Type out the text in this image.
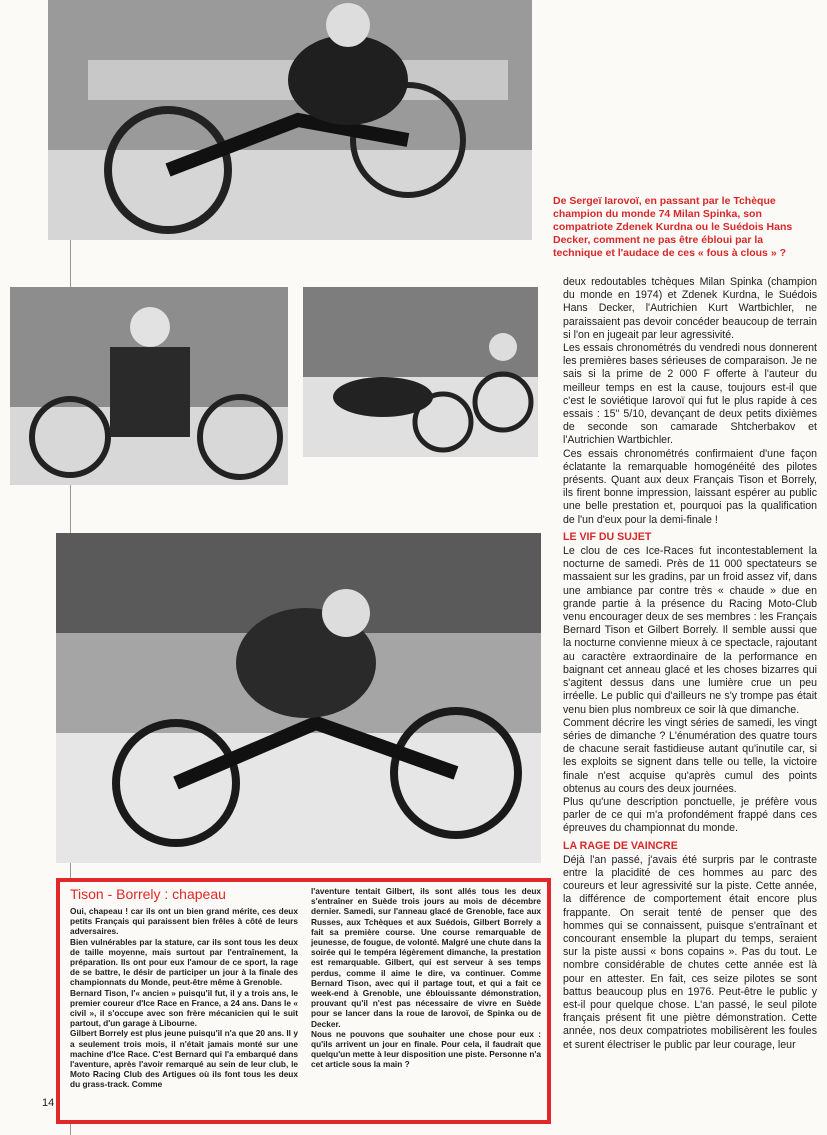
De Sergeï Iarovoï, en passant par le Tchèque champion du monde 74 Milan Spinka, son compatriote Zdenek Kurdna ou le Suédois Hans Decker, comment ne pas être ébloui par la technique et l'audace de ces « fous à clous » ?

deux redoutables tchèques Milan Spinka (champion du monde en 1974) et Zdenek Kurdna, le Suédois Hans Decker, l'Autrichien Kurt Wartbichler, ne paraissaient pas devoir concéder beaucoup de terrain si l'on en jugeait par leur agressivité.

Les essais chronométrés du vendredi nous donnerent les premières bases sérieuses de comparaison. Je ne sais si la prime de 2 000 F offerte à l'auteur du meilleur temps en est la cause, toujours est-il que c'est le soviétique Iarovoï qui fut le plus rapide à ces essais : 15'' 5/10, devançant de deux petits dixièmes de seconde son camarade Shtcherbakov et l'Autrichien Wartbichler.

Ces essais chronométrés confirmaient d'une façon éclatante la remarquable homogénéité des pilotes présents. Quant aux deux Français Tison et Borrely, ils firent bonne impression, laissant espérer au public une belle prestation et, pourquoi pas la qualification de l'un d'eux pour la demi-finale !

LE VIF DU SUJET

Le clou de ces Ice-Races fut incontestablement la nocturne de samedi. Près de 11 000 spectateurs se massaient sur les gradins, par un froid assez vif, dans une ambiance par contre très « chaude » due en grande partie à la présence du Racing Moto-Club venu encourager deux de ses membres : les Français Bernard Tison et Gilbert Borrely. Il semble aussi que la nocturne convienne mieux à ce spectacle, rajoutant au caractère extraordinaire de la performance en baignant cet anneau glacé et les choses bizarres qui s'agitent dessus dans une lumière crue un peu irréelle. Le public qui d'ailleurs ne s'y trompe pas était venu bien plus nombreux ce soir là que dimanche.

Comment décrire les vingt séries de samedi, les vingt séries de dimanche ? L'énumération des quatre tours de chacune serait fastidieuse autant qu'inutile car, si les exploits se signent dans telle ou telle, la victoire finale n'est acquise qu'après cumul des points obtenus au cours des deux journées.

Plus qu'une description ponctuelle, je préfère vous parler de ce qui m'a profondément frappé dans ces épreuves du championnat du monde.

LA RAGE DE VAINCRE

Déjà l'an passé, j'avais été surpris par le contraste entre la placidité de ces hommes au parc des coureurs et leur agressivité sur la piste. Cette année, la différence de comportement était encore plus frappante. On serait tenté de penser que des hommes qui se connaissent, puisque s'entraînant et concourant ensemble la plupart du temps, seraient sur la piste aussi « bons copains ». Pas du tout. Le nombre considérable de chutes cette année est là pour en attester. En fait, ces seize pilotes se sont battus beaucoup plus en 1976. Peut-être le public y est-il pour quelque chose. L'an passé, le seul pilote français présent fit une piètre démonstration. Cette année, nos deux compatriotes mobilisèrent les foules et surent électriser le public par leur courage, leur

Tison - Borrely : chapeau

Oui, chapeau ! car ils ont un bien grand mérite, ces deux petits Français qui paraissent bien frêles à côté de leurs adversaires.

Bien vulnérables par la stature, car ils sont tous les deux de taille moyenne, mais surtout par l'entraînement, la préparation. Ils ont pour eux l'amour de ce sport, la rage de se battre, le désir de participer un jour à la finale des championnats du Monde, peut-être même à Grenoble.

Bernard Tison, l'« ancien » puisqu'il fut, il y a trois ans, le premier coureur d'Ice Race en France, a 24 ans. Dans le « civil », il s'occupe avec son frère mécanicien qui le suit partout, d'un garage à Libourne.

Gilbert Borrely est plus jeune puisqu'il n'a que 20 ans. Il y a seulement trois mois, il n'était jamais monté sur une machine d'Ice Race. C'est Bernard qui l'a embarqué dans l'aventure, après l'avoir remarqué au sein de leur club, le Moto Racing Club des Artigues où ils font tous les deux du grass-track. Comme

l'aventure tentait Gilbert, ils sont allés tous les deux s'entraîner en Suède trois jours au mois de décembre dernier. Samedi, sur l'anneau glacé de Grenoble, face aux Russes, aux Tchèques et aux Suédois, Gilbert Borrely a fait sa première course. Une course remarquable de jeunesse, de fougue, de volonté. Malgré une chute dans la soirée qui le tempéra légèrement dimanche, la prestation est remarquable. Gilbert, qui est serveur à ses temps perdus, comme il aime le dire, va continuer. Comme Bernard Tison, avec qui il partage tout, et qui a fait ce week-end à Grenoble, une éblouissante démonstration, prouvant qu'il n'est pas nécessaire de vivre en Suède pour se lancer dans la roue de Iarovoï, de Spinka ou de Decker.

Nous ne pouvons que souhaiter une chose pour eux : qu'ils arrivent un jour en finale. Pour cela, il faudrait que quelqu'un mette à leur disposition une piste. Personne n'a cet article sous la main ?

14
